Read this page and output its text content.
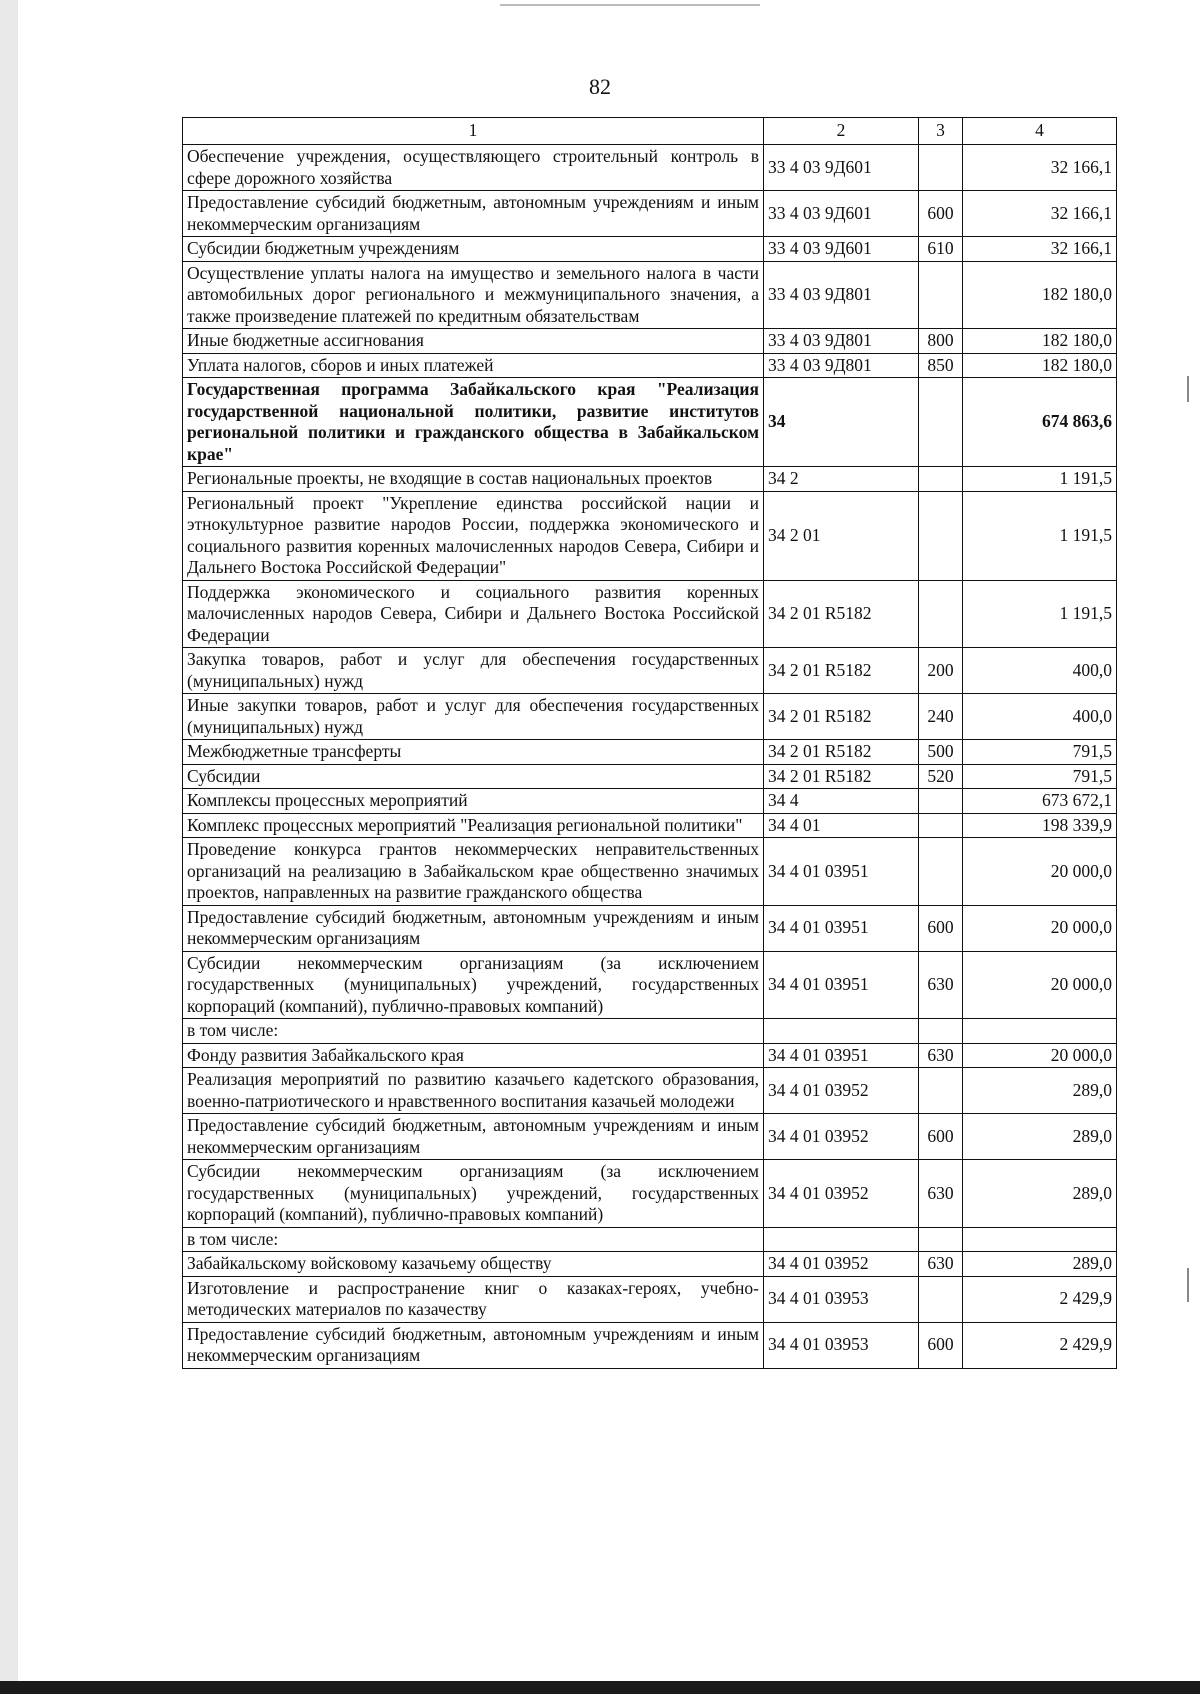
82
1	2	3	4
Обеспечение учреждения, осуществляющего строительный контроль в сфере дорожного хозяйства	33 4 03 9Д601		32 166,1
Предоставление субсидий бюджетным, автономным учреждениям и иным некоммерческим организациям	33 4 03 9Д601	600	32 166,1
Субсидии бюджетным учреждениям	33 4 03 9Д601	610	32 166,1
Осуществление уплаты налога на имущество и земельного налога в части автомобильных дорог регионального и межмуниципального значения, а также произведение платежей по кредитным обязательствам	33 4 03 9Д801		182 180,0
Иные бюджетные ассигнования	33 4 03 9Д801	800	182 180,0
Уплата налогов, сборов и иных платежей	33 4 03 9Д801	850	182 180,0
Государственная программа Забайкальского края "Реализация государственной национальной политики, развитие институтов региональной политики и гражданского общества в Забайкальском крае"	34		674 863,6
Региональные проекты, не входящие в состав национальных проектов	34 2		1 191,5
Региональный проект "Укрепление единства российской нации и этнокультурное развитие народов России, поддержка экономического и социального развития коренных малочисленных народов Севера, Сибири и Дальнего Востока Российской Федерации"	34 2 01		1 191,5
Поддержка экономического и социального развития коренных малочисленных народов Севера, Сибири и Дальнего Востока Российской Федерации	34 2 01 R5182		1 191,5
Закупка товаров, работ и услуг для обеспечения государственных (муниципальных) нужд	34 2 01 R5182	200	400,0
Иные закупки товаров, работ и услуг для обеспечения государственных (муниципальных) нужд	34 2 01 R5182	240	400,0
Межбюджетные трансферты	34 2 01 R5182	500	791,5
Субсидии	34 2 01 R5182	520	791,5
Комплексы процессных мероприятий	34 4		673 672,1
Комплекс процессных мероприятий "Реализация региональной политики"	34 4 01		198 339,9
Проведение конкурса грантов некоммерческих неправительственных организаций на реализацию в Забайкальском крае общественно значимых проектов, направленных на развитие гражданского общества	34 4 01 03951		20 000,0
Предоставление субсидий бюджетным, автономным учреждениям и иным некоммерческим организациям	34 4 01 03951	600	20 000,0
Субсидии некоммерческим организациям (за исключением государственных (муниципальных) учреждений, государственных корпораций (компаний), публично-правовых компаний)	34 4 01 03951	630	20 000,0
в том числе:			
Фонду развития Забайкальского края	34 4 01 03951	630	20 000,0
Реализация мероприятий по развитию казачьего кадетского образования, военно-патриотического и нравственного воспитания казачьей молодежи	34 4 01 03952		289,0
Предоставление субсидий бюджетным, автономным учреждениям и иным некоммерческим организациям	34 4 01 03952	600	289,0
Субсидии некоммерческим организациям (за исключением государственных (муниципальных) учреждений, государственных корпораций (компаний), публично-правовых компаний)	34 4 01 03952	630	289,0
в том числе:			
Забайкальскому войсковому казачьему обществу	34 4 01 03952	630	289,0
Изготовление и распространение книг о казаках-героях, учебно-методических материалов по казачеству	34 4 01 03953		2 429,9
Предоставление субсидий бюджетным, автономным учреждениям и иным некоммерческим организациям	34 4 01 03953	600	2 429,9
